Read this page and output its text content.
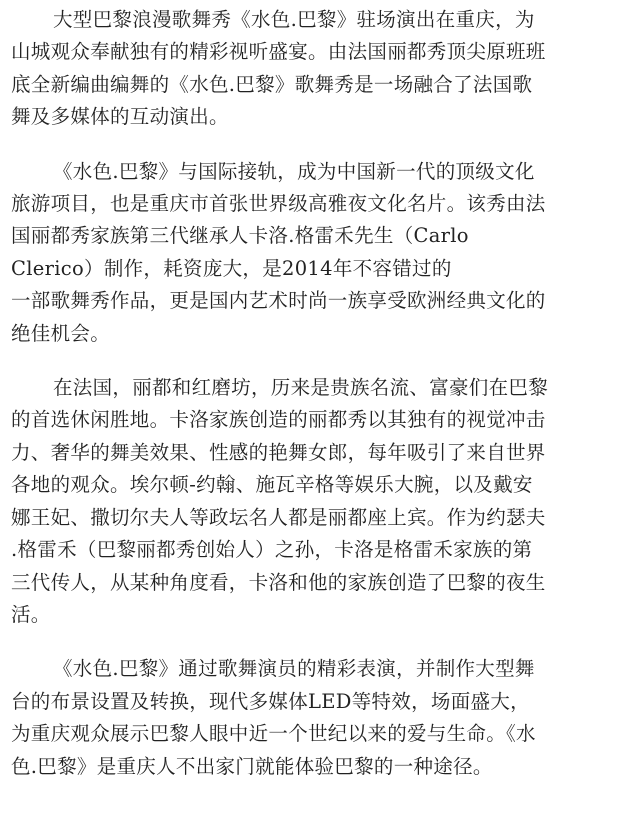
大型巴黎浪漫歌舞秀《水色.巴黎》驻场演出在重庆，为
山城观众奉献独有的精彩视听盛宴。由法国丽都秀顶尖原班班
底全新编曲编舞的《水色.巴黎》歌舞秀是一场融合了法国歌
舞及多媒体的互动演出。
《水色.巴黎》与国际接轨，成为中国新一代的顶级文化
旅游项目，也是重庆市首张世界级高雅夜文化名片。该秀由法
国丽都秀家族第三代继承人卡洛.格雷禾先生（Carlo
Clerico）制作，耗资庞大，是2014年不容错过的
一部歌舞秀作品，更是国内艺术时尚一族享受欧洲经典文化的
绝佳机会。
在法国，丽都和红磨坊，历来是贵族名流、富豪们在巴黎
的首选休闲胜地。卡洛家族创造的丽都秀以其独有的视觉冲击
力、奢华的舞美效果、性感的艳舞女郎，每年吸引了来自世界
各地的观众。埃尔顿-约翰、施瓦辛格等娱乐大腕，以及戴安
娜王妃、撒切尔夫人等政坛名人都是丽都座上宾。作为约瑟夫
.格雷禾（巴黎丽都秀创始人）之孙，卡洛是格雷禾家族的第
三代传人，从某种角度看，卡洛和他的家族创造了巴黎的夜生
活。
《水色.巴黎》通过歌舞演员的精彩表演，并制作大型舞
台的布景设置及转换，现代多媒体LED等特效，场面盛大，
为重庆观众展示巴黎人眼中近一个世纪以来的爱与生命。《水
色.巴黎》是重庆人不出家门就能体验巴黎的一种途径。
